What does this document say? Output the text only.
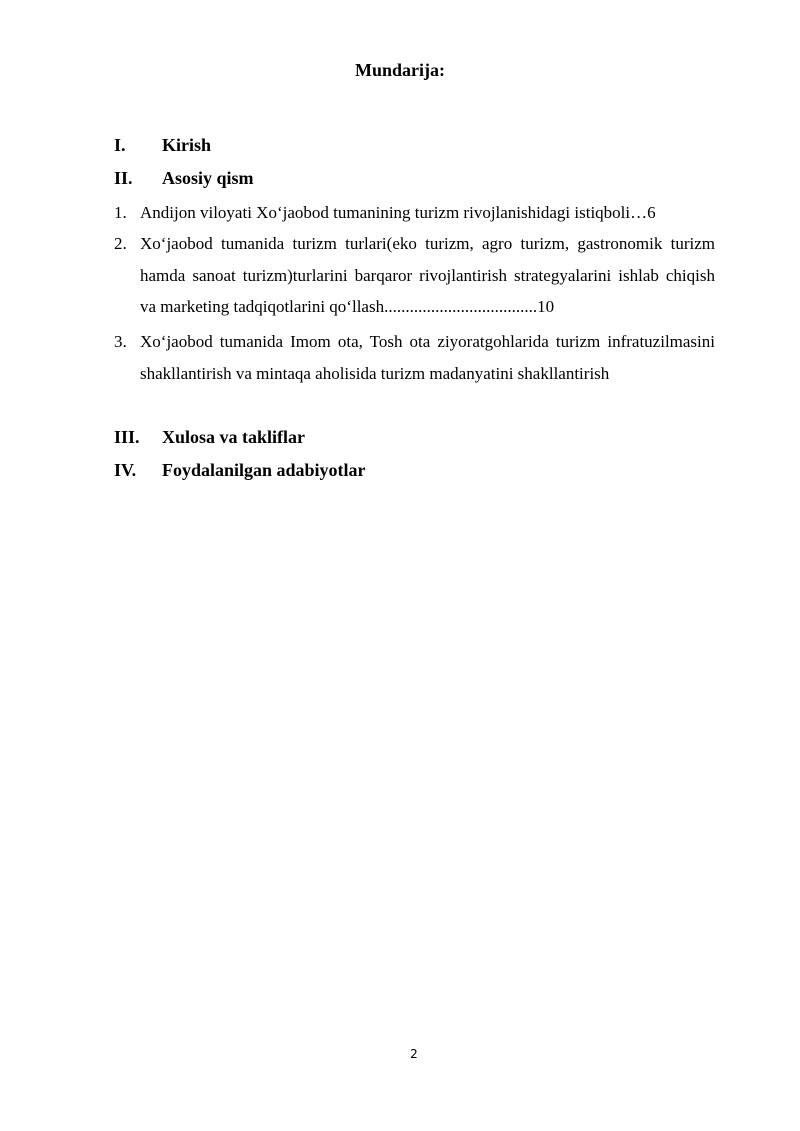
Mundarija:
I. Kirish
II. Asosiy qism
1. Andijon viloyati Xo‘jaobod tumanining turizm rivojlanishidagi istiqboli…6
2. Xo‘jaobod tumanida turizm turlari(eko turizm, agro turizm, gastronomik turizm hamda sanoat turizm)turlarini barqaror rivojlantirish strategyalarini ishlab chiqish va marketing tadqiqotlarini qo‘llash....................................10
3. Xo‘jaobod tumanida Imom ota, Tosh ota ziyoratgohlarida turizm infratuzilmasini shakllantirish va mintaqa aholisida turizm madanyatini shakllantirish
III. Xulosa va takliflar
IV. Foydalanilgan adabiyotlar
2
